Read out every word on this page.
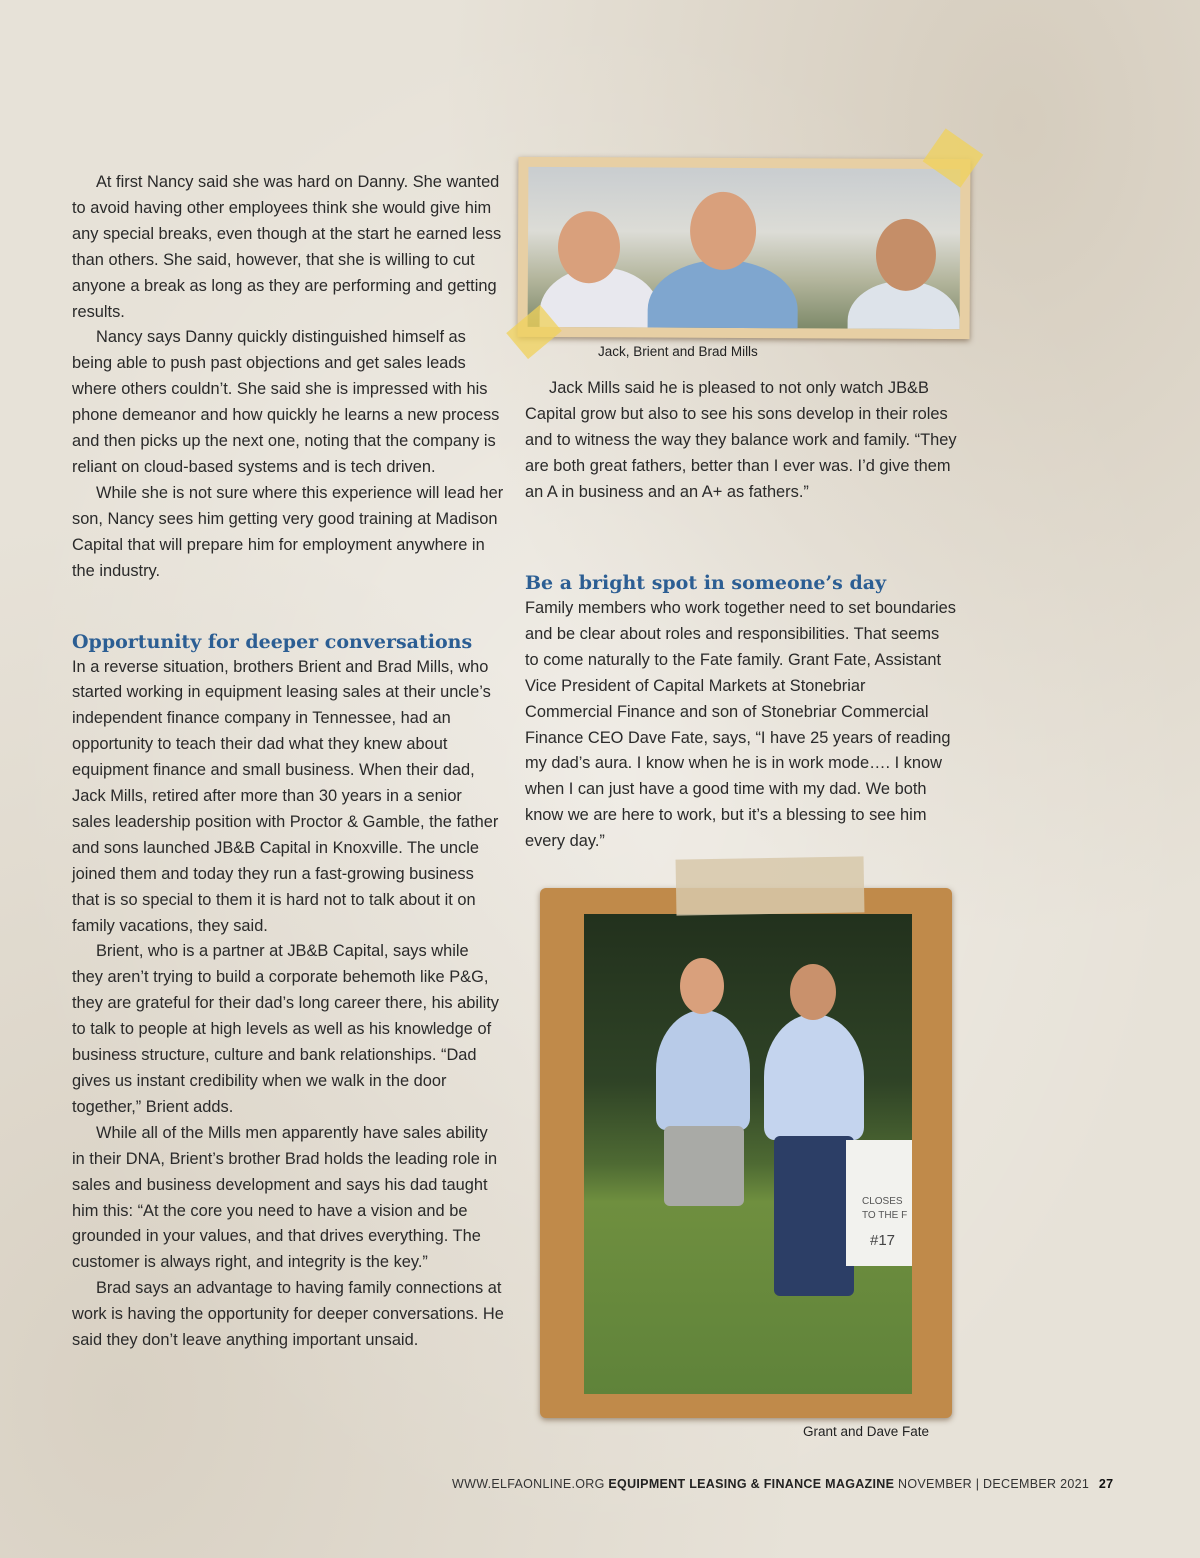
At first Nancy said she was hard on Danny. She wanted to avoid having other employees think she would give him any special breaks, even though at the start he earned less than others. She said, however, that she is willing to cut anyone a break as long as they are performing and getting results.

Nancy says Danny quickly distinguished himself as being able to push past objections and get sales leads where others couldn’t. She said she is impressed with his phone demeanor and how quickly he learns a new process and then picks up the next one, noting that the company is reliant on cloud-based systems and is tech driven.

While she is not sure where this experience will lead her son, Nancy sees him getting very good training at Madison Capital that will prepare him for employment anywhere in the industry.

Opportunity for deeper conversations

In a reverse situation, brothers Brient and Brad Mills, who started working in equipment leasing sales at their uncle’s independent finance company in Tennessee, had an opportunity to teach their dad what they knew about equipment finance and small business. When their dad, Jack Mills, retired after more than 30 years in a senior sales leadership position with Proctor & Gamble, the father and sons launched JB&B Capital in Knoxville. The uncle joined them and today they run a fast-growing business that is so special to them it is hard not to talk about it on family vacations, they said.

Brient, who is a partner at JB&B Capital, says while they aren’t trying to build a corporate behemoth like P&G, they are grateful for their dad’s long career there, his ability to talk to people at high levels as well as his knowledge of business structure, culture and bank relationships. “Dad gives us instant credibility when we walk in the door together,” Brient adds.

While all of the Mills men apparently have sales ability in their DNA, Brient’s brother Brad holds the leading role in sales and business development and says his dad taught him this: “At the core you need to have a vision and be grounded in your values, and that drives everything. The customer is always right, and integrity is the key.”

Brad says an advantage to having family connections at work is having the opportunity for deeper conversations. He said they don’t leave anything important unsaid.

Jack, Brient and Brad Mills

Jack Mills said he is pleased to not only watch JB&B Capital grow but also to see his sons develop in their roles and to witness the way they balance work and family. “They are both great fathers, better than I ever was. I’d give them an A in business and an A+ as fathers.”

Be a bright spot in someone’s day

Family members who work together need to set boundaries and be clear about roles and responsibilities. That seems to come naturally to the Fate family. Grant Fate, Assistant Vice President of Capital Markets at Stonebriar Commercial Finance and son of Stonebriar Commercial Finance CEO Dave Fate, says, “I have 25 years of reading my dad’s aura. I know when he is in work mode…. I know when I can just have a good time with my dad. We both know we are here to work, but it’s a blessing to see him every day.”

CLOSES
TO THE F
#17
Grant and Dave Fate
WWW.ELFAONLINE.ORG EQUIPMENT LEASING & FINANCE MAGAZINE NOVEMBER | DECEMBER 2021 27
